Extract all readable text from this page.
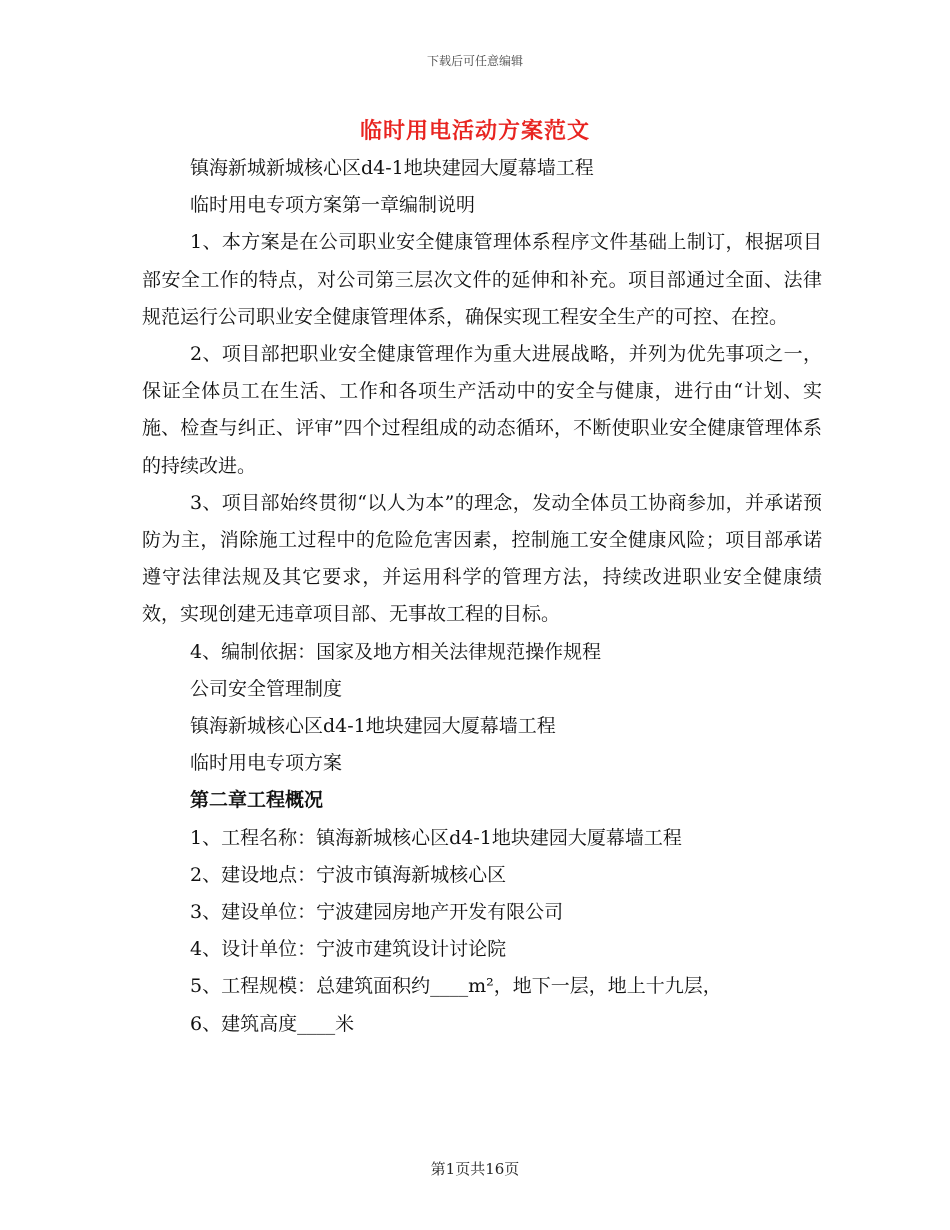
下载后可任意编辑
临时用电活动方案范文

镇海新城新城核心区d4-1地块建园大厦幕墙工程

临时用电专项方案第一章编制说明

1、本方案是在公司职业安全健康管理体系程序文件基础上制订，根据项目部安全工作的特点，对公司第三层次文件的延伸和补充。项目部通过全面、法律规范运行公司职业安全健康管理体系，确保实现工程安全生产的可控、在控。

2、项目部把职业安全健康管理作为重大进展战略，并列为优先事项之一，保证全体员工在生活、工作和各项生产活动中的安全与健康，进行由“计划、实施、检查与纠正、评审”四个过程组成的动态循环，不断使职业安全健康管理体系的持续改进。

3、项目部始终贯彻“以人为本”的理念，发动全体员工协商参加，并承诺预防为主，消除施工过程中的危险危害因素，控制施工安全健康风险；项目部承诺遵守法律法规及其它要求，并运用科学的管理方法，持续改进职业安全健康绩效，实现创建无违章项目部、无事故工程的目标。

4、编制依据：国家及地方相关法律规范操作规程

公司安全管理制度

镇海新城核心区d4-1地块建园大厦幕墙工程

临时用电专项方案

第二章工程概况

1、工程名称：镇海新城核心区d4-1地块建园大厦幕墙工程

2、建设地点：宁波市镇海新城核心区

3、建设单位：宁波建园房地产开发有限公司

4、设计单位：宁波市建筑设计讨论院

5、工程规模：总建筑面积约____m²，地下一层，地上十九层，

6、建筑高度____米

第1页共16页
